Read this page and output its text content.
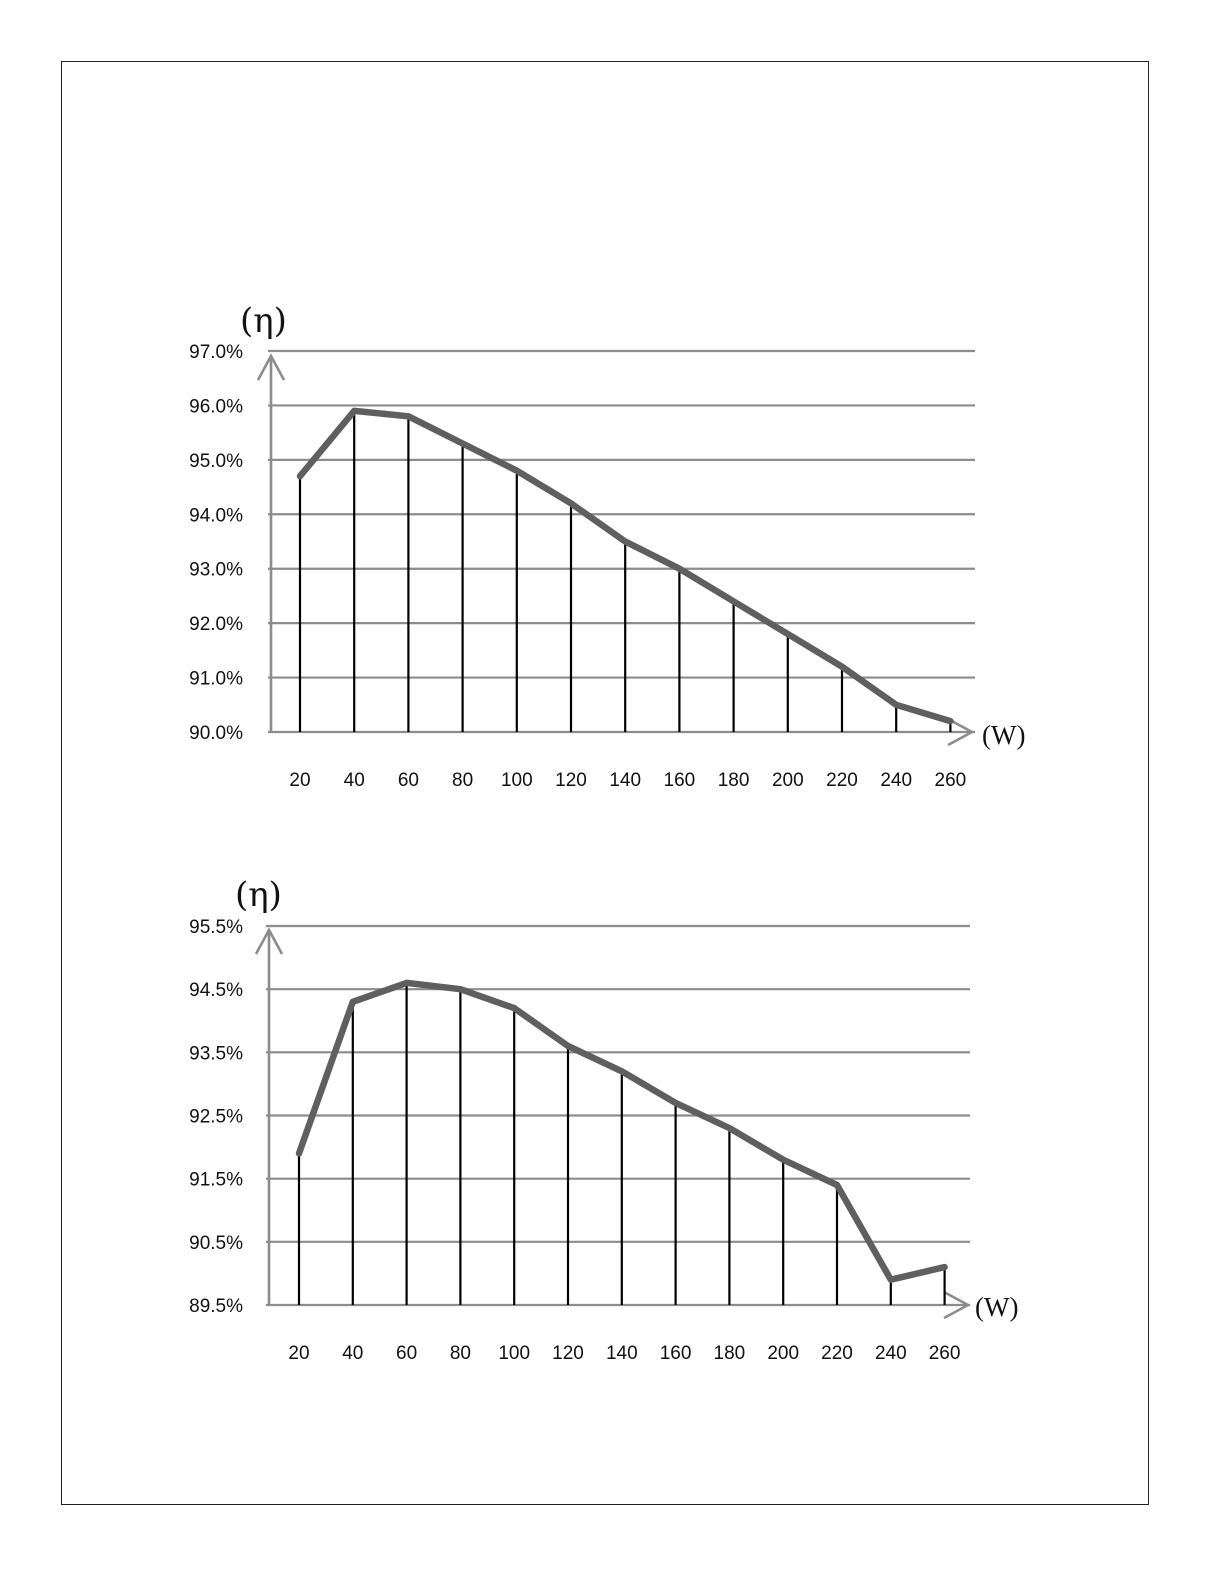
90.0%
91.0%
92.0%
93.0%
94.0%
95.0%
96.0%
97.0%
(η)
(W)
20 40 60 80 100 120 140 160 180 200 220 240 260
89.5%
90.5%
91.5%
92.5%
93.5%
94.5%
95.5%
(η)
(W)
20 40 60 80 100 120 140 160 180 200 220 240 260
